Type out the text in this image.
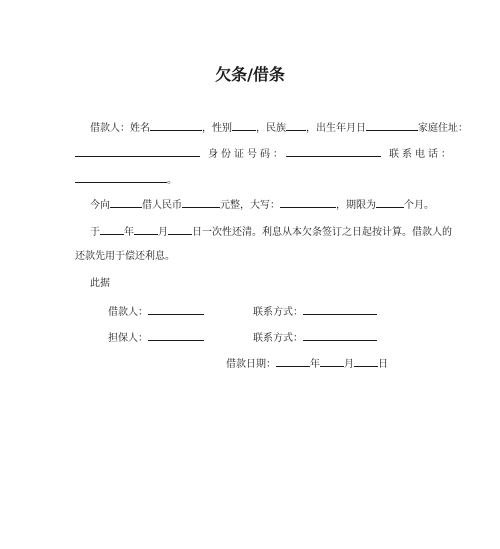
欠条/借条
借款人：姓名	，性别 ，民族 ，出生年月日	家庭住址：
身份证号码：	联系电话：
。
今向	借人民币	元整，大写：	，期限为	个月。
于 年 月 日一次性还清。利息从本欠条签订之日起按计算。借款人的
还款先用于偿还利息。
此据
借款人：	联系方式：
担保人：	联系方式：
借款日期：	年 月 日
